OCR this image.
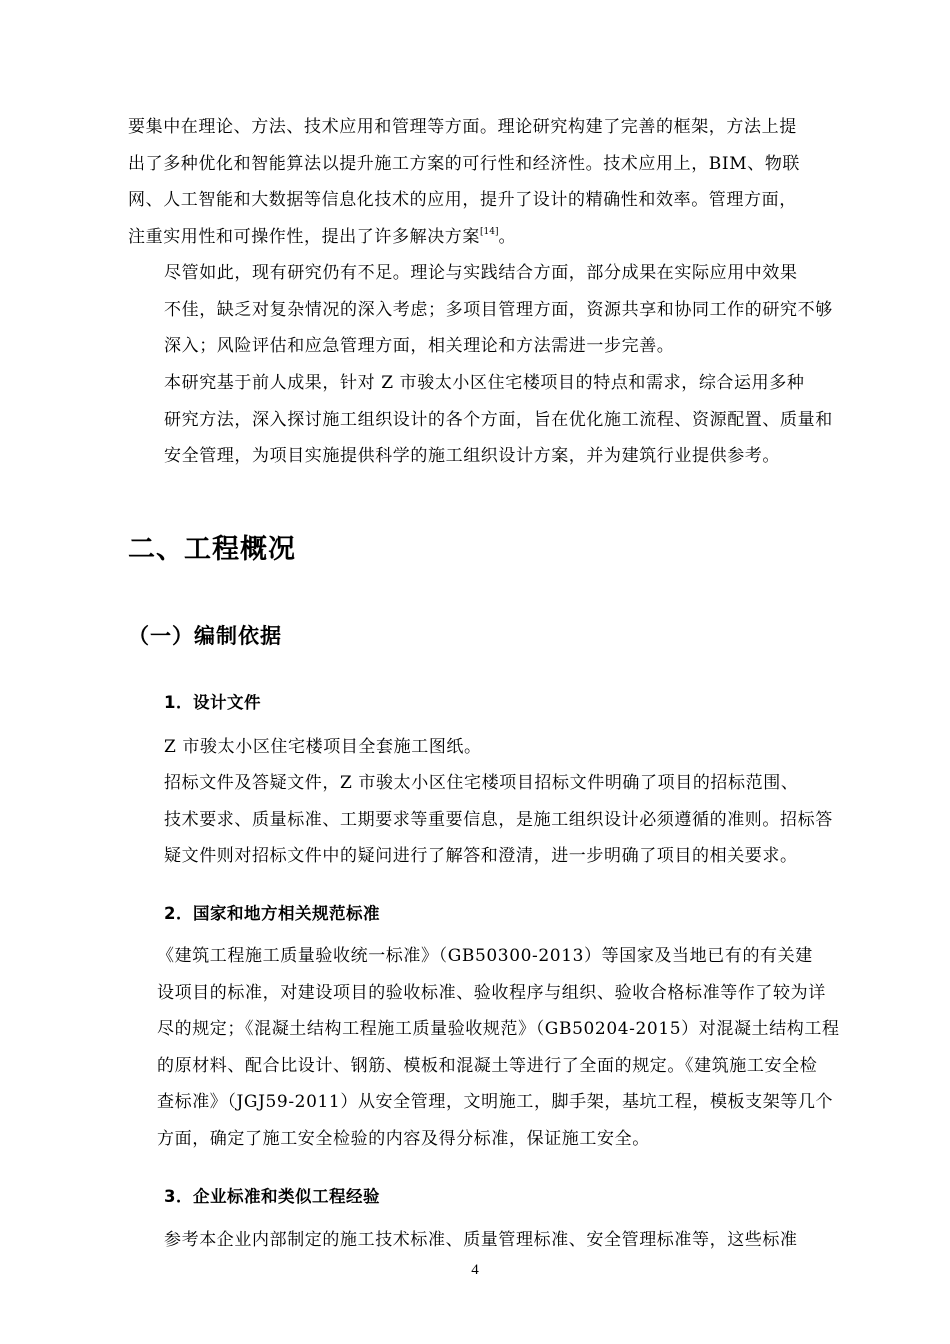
要集中在理论、方法、技术应用和管理等方面。理论研究构建了完善的框架，方法上提
出了多种优化和智能算法以提升施工方案的可行性和经济性。技术应用上，BIM、物联
网、人工智能和大数据等信息化技术的应用，提升了设计的精确性和效率。管理方面，
注重实用性和可操作性，提出了许多解决方案[14]。
尽管如此，现有研究仍有不足。理论与实践结合方面，部分成果在实际应用中效果
不佳，缺乏对复杂情况的深入考虑；多项目管理方面，资源共享和协同工作的研究不够
深入；风险评估和应急管理方面，相关理论和方法需进一步完善。
本研究基于前人成果，针对 Z 市骏太小区住宅楼项目的特点和需求，综合运用多种
研究方法，深入探讨施工组织设计的各个方面，旨在优化施工流程、资源配置、质量和
安全管理，为项目实施提供科学的施工组织设计方案，并为建筑行业提供参考。
二、工程概况
（一）编制依据
1．设计文件
Z 市骏太小区住宅楼项目全套施工图纸。
招标文件及答疑文件，Z 市骏太小区住宅楼项目招标文件明确了项目的招标范围、
技术要求、质量标准、工期要求等重要信息，是施工组织设计必须遵循的准则。招标答
疑文件则对招标文件中的疑问进行了解答和澄清，进一步明确了项目的相关要求。
2．国家和地方相关规范标准
《建筑工程施工质量验收统一标准》（GB50300-2013）等国家及当地已有的有关建
设项目的标准，对建设项目的验收标准、验收程序与组织、验收合格标准等作了较为详
尽的规定；《混凝土结构工程施工质量验收规范》（GB50204-2015）对混凝土结构工程
的原材料、配合比设计、钢筋、模板和混凝土等进行了全面的规定。《建筑施工安全检
查标准》（JGJ59-2011）从安全管理，文明施工，脚手架，基坑工程，模板支架等几个
方面，确定了施工安全检验的内容及得分标准，保证施工安全。
3．企业标准和类似工程经验
参考本企业内部制定的施工技术标准、质量管理标准、安全管理标准等，这些标准
4
